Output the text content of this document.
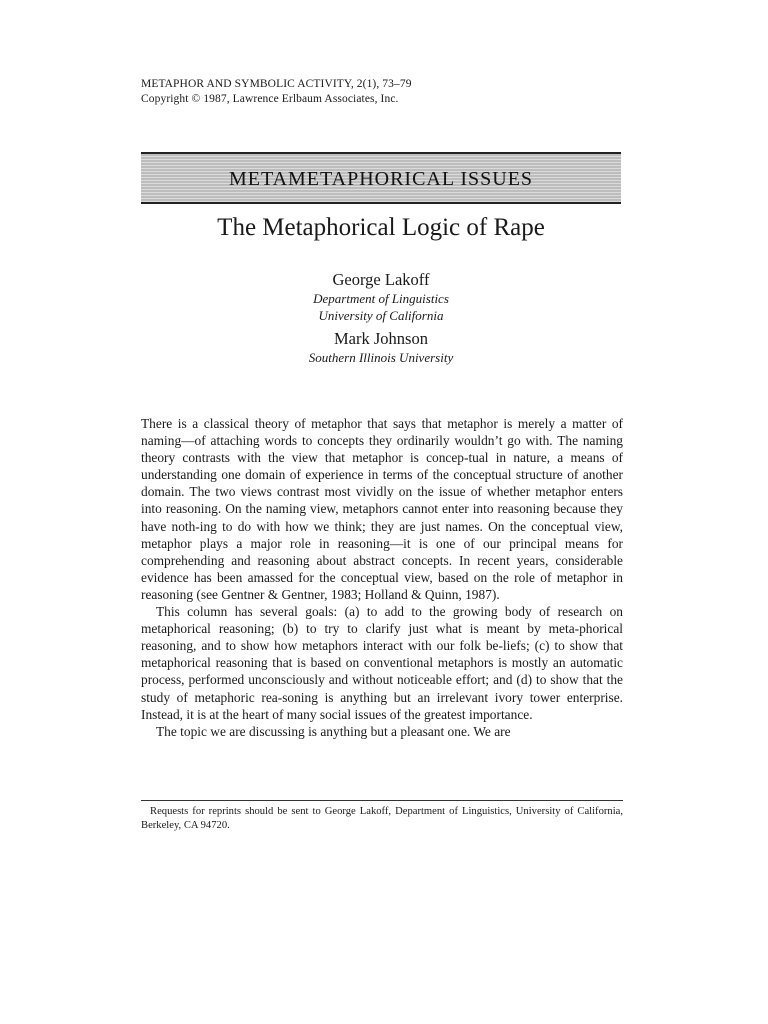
METAPHOR AND SYMBOLIC ACTIVITY, 2(1), 73–79
Copyright © 1987, Lawrence Erlbaum Associates, Inc.
METAMETAPHORICAL ISSUES
The Metaphorical Logic of Rape
George Lakoff
Department of Linguistics
University of California
Mark Johnson
Southern Illinois University

There is a classical theory of metaphor that says that metaphor is merely a matter of naming—of attaching words to concepts they ordinarily wouldn’t go with. The naming theory contrasts with the view that metaphor is concep-tual in nature, a means of understanding one domain of experience in terms of the conceptual structure of another domain. The two views contrast most vividly on the issue of whether metaphor enters into reasoning. On the naming view, metaphors cannot enter into reasoning because they have noth-ing to do with how we think; they are just names. On the conceptual view, metaphor plays a major role in reasoning—it is one of our principal means for comprehending and reasoning about abstract concepts. In recent years, considerable evidence has been amassed for the conceptual view, based on the role of metaphor in reasoning (see Gentner & Gentner, 1983; Holland & Quinn, 1987).

This column has several goals: (a) to add to the growing body of research on metaphorical reasoning; (b) to try to clarify just what is meant by meta-phorical reasoning, and to show how metaphors interact with our folk be-liefs; (c) to show that metaphorical reasoning that is based on conventional metaphors is mostly an automatic process, performed unconsciously and without noticeable effort; and (d) to show that the study of metaphoric rea-soning is anything but an irrelevant ivory tower enterprise. Instead, it is at the heart of many social issues of the greatest importance.

The topic we are discussing is anything but a pleasant one. We are

Requests for reprints should be sent to George Lakoff, Department of Linguistics, University of California, Berkeley, CA 94720.
